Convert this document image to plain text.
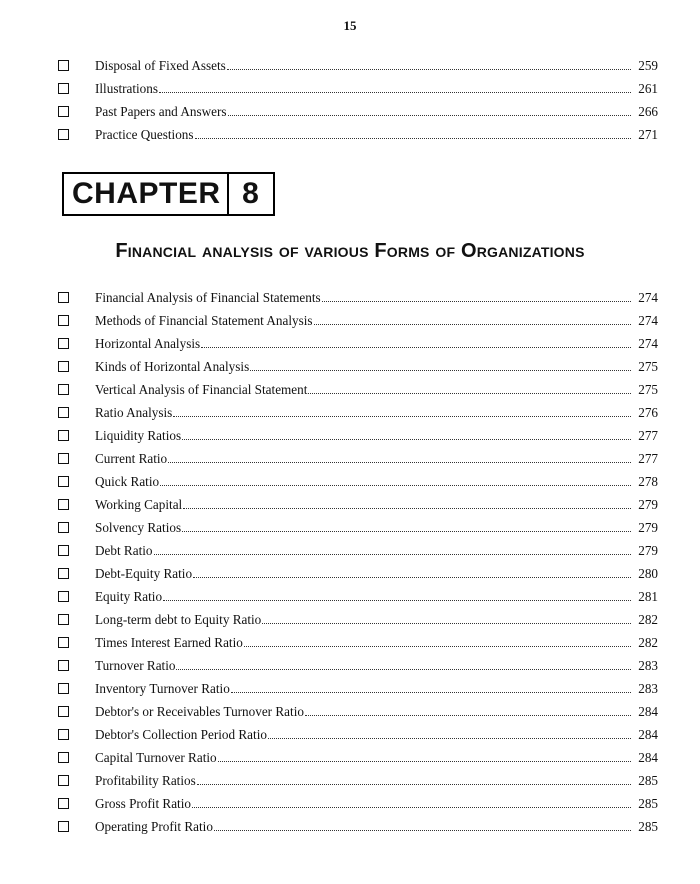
15
Disposal of Fixed Assets	259
Illustrations	261
Past Papers and Answers	266
Practice Questions	271
CHAPTER 8
Financial analysis of various Forms of Organizations
Financial Analysis of Financial Statements	274
Methods of Financial Statement Analysis	274
Horizontal Analysis	274
Kinds of Horizontal Analysis	275
Vertical Analysis of Financial Statement	275
Ratio Analysis	276
Liquidity Ratios	277
Current Ratio	277
Quick Ratio	278
Working Capital	279
Solvency Ratios	279
Debt Ratio	279
Debt-Equity Ratio	280
Equity Ratio	281
Long-term debt to Equity Ratio	282
Times Interest Earned Ratio	282
Turnover Ratio	283
Inventory Turnover Ratio	283
Debtor's or Receivables Turnover Ratio	284
Debtor's Collection Period Ratio	284
Capital Turnover Ratio	284
Profitability Ratios	285
Gross Profit Ratio	285
Operating Profit Ratio	285
